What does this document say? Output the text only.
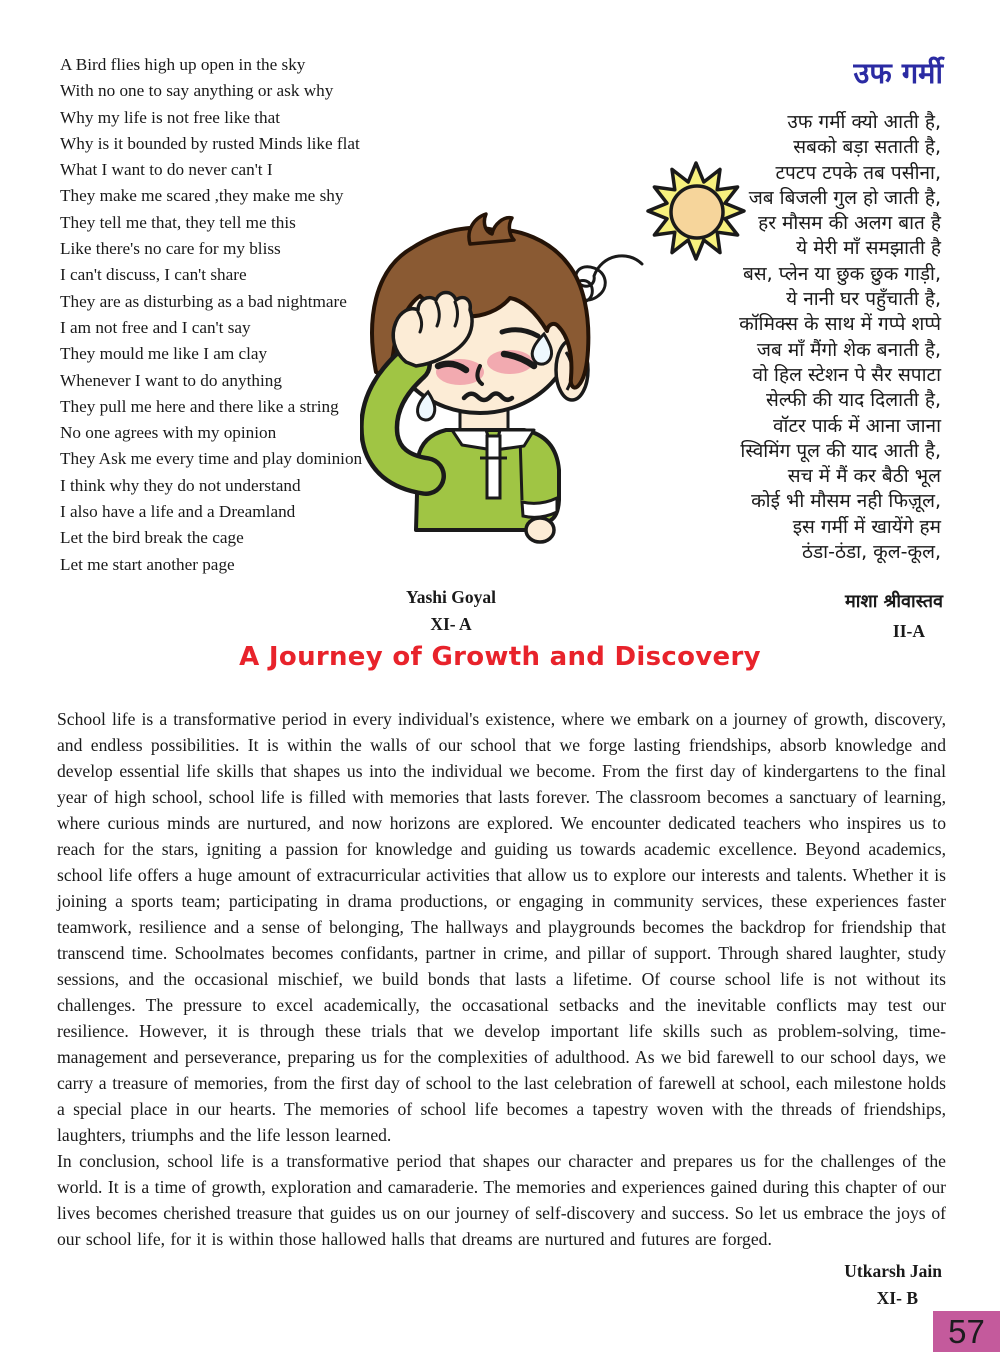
A Bird flies high up open in the sky
With no one to say anything or ask why
Why my life is not free like that
Why is it bounded by rusted Minds like flat
What I want to do never can't I
They make me scared ,they make me shy
They tell me that, they tell me this
Like there's no care for my bliss
I can't discuss, I can't share
They are as disturbing as a bad nightmare
I am not free and I can't say
They mould me like I am clay
Whenever I want to do anything
They pull me here and there like a string
No one agrees with my opinion
They Ask me every time and play dominion
I think why they do not understand
I also have a life and a Dreamland
Let the bird break the cage
Let me start another page
Yashi Goyal
XI- A
उफ गर्मी
उफ गर्मी क्यो आती है,
सबको बड़ा सताती है,
टपटप टपके तब पसीना,
जब बिजली गुल हो जाती है,
हर मौसम की अलग बात है
ये मेरी माँ समझाती है
बस, प्लेन या छुक छुक गाड़ी,
ये नानी घर पहुँचाती है,
कॉमिक्स के साथ में गप्पे शप्पे
जब माँ मैंगो शेक बनाती है,
वो हिल स्टेशन पे सैर सपाटा
सेल्फी की याद दिलाती है,
वॉटर पार्क में आना जाना
स्विमिंग पूल की याद आती है,
सच में मैं कर बैठी भूल
कोई भी मौसम नही फिज़ूल,
इस गर्मी में खायेंगे हम
ठंडा-ठंडा, कूल-कूल,
माशा श्रीवास्तव
II-A
A Journey of Growth and Discovery

School life is a transformative period in every individual's existence, where we embark on a journey of growth, discovery, and endless possibilities. It is within the walls of our school that we forge lasting friendships, absorb knowledge and develop essential life skills that shapes us into the individual we become. From the first day of kindergartens to the final year of high school, school life is filled with memories that lasts forever. The classroom becomes a sanctuary of learning, where curious minds are nurtured, and now horizons are explored. We encounter dedicated teachers who inspires us to reach for the stars, igniting a passion for knowledge and guiding us towards academic excellence. Beyond academics, school life offers a huge amount of extracurricular activities that allow us to explore our interests and talents. Whether it is joining a sports team; participating in drama productions, or engaging in community services, these experiences faster teamwork, resilience and a sense of belonging, The hallways and playgrounds becomes the backdrop for friendship that transcend time. Schoolmates becomes confidants, partner in crime, and pillar of support. Through shared laughter, study sessions, and the occasional mischief, we build bonds that lasts a lifetime. Of course school life is not without its challenges. The pressure to excel academically, the occasational setbacks and the inevitable conflicts may test our resilience. However, it is through these trials that we develop important life skills such as problem-solving, time-management and perseverance, preparing us for the complexities of adulthood. As we bid farewell to our school days, we carry a treasure of memories, from the first day of school to the last celebration of farewell at school, each milestone holds a special place in our hearts. The memories of school life becomes a tapestry woven with the threads of friendships, laughters, triumphs and the life lesson learned.

In conclusion, school life is a transformative period that shapes our character and prepares us for the challenges of the world. It is a time of growth, exploration and camaraderie. The memories and experiences gained during this chapter of our lives becomes cherished treasure that guides us on our journey of self-discovery and success. So let us embrace the joys of our school life, for it is within those hallowed halls that dreams are nurtured and futures are forged.

Utkarsh Jain
XI- B
57
